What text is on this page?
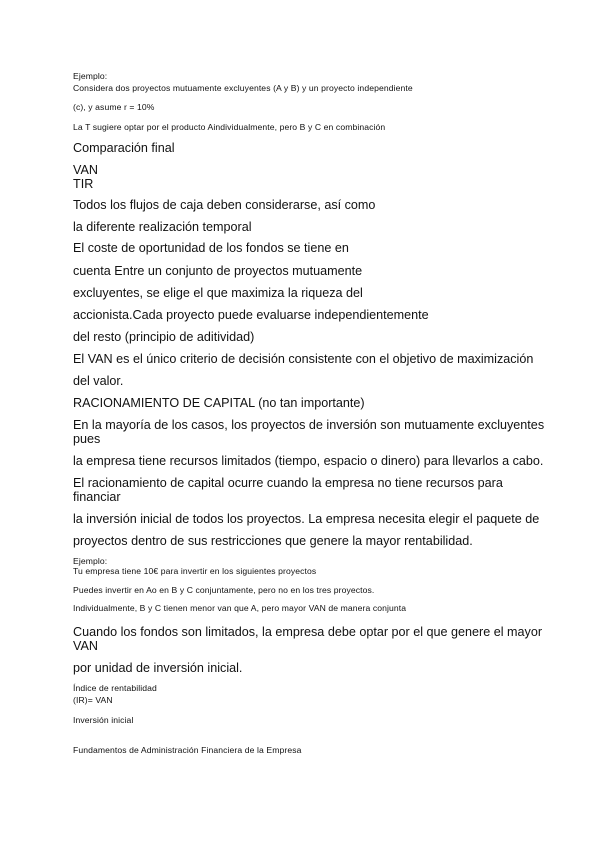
Ejemplo:
Considera dos proyectos mutuamente excluyentes (A y B) y un proyecto independiente
(c), y asume r = 10%
La T sugiere optar por el producto Aindividualmente, pero B y C en combinación
Comparación final
VAN
TIR
Todos los flujos de caja deben considerarse, así como
la diferente realización temporal
El coste de oportunidad de los fondos se tiene en
cuenta Entre un conjunto de proyectos mutuamente
excluyentes, se elige el que maximiza la riqueza del
accionista.Cada proyecto puede evaluarse independientemente
del resto (principio de aditividad)
El VAN es el único criterio de decisión consistente con el objetivo de maximización
del valor.
RACIONAMIENTO DE CAPITAL (no tan importante)
En la mayoría de los casos, los proyectos de inversión son mutuamente excluyentes
pues
la empresa tiene recursos limitados (tiempo, espacio o dinero) para llevarlos a cabo.
El racionamiento de capital ocurre cuando la empresa no tiene recursos para
financiar
la inversión inicial de todos los proyectos. La empresa necesita elegir el paquete de
proyectos dentro de sus restricciones que genere la mayor rentabilidad.
Ejemplo:
Tu empresa tiene 10€ para invertir en los siguientes proyectos
Puedes invertir en Ao en B y C conjuntamente, pero no en los tres proyectos.
Individualmente, B y C tienen menor van que A, pero mayor VAN de manera conjunta
Cuando los fondos son limitados, la empresa debe optar por el que genere el mayor
VAN
por unidad de inversión inicial.
Índice de rentabilidad
(IR)= VAN
Inversión inicial
Fundamentos de Administración Financiera de la Empresa
